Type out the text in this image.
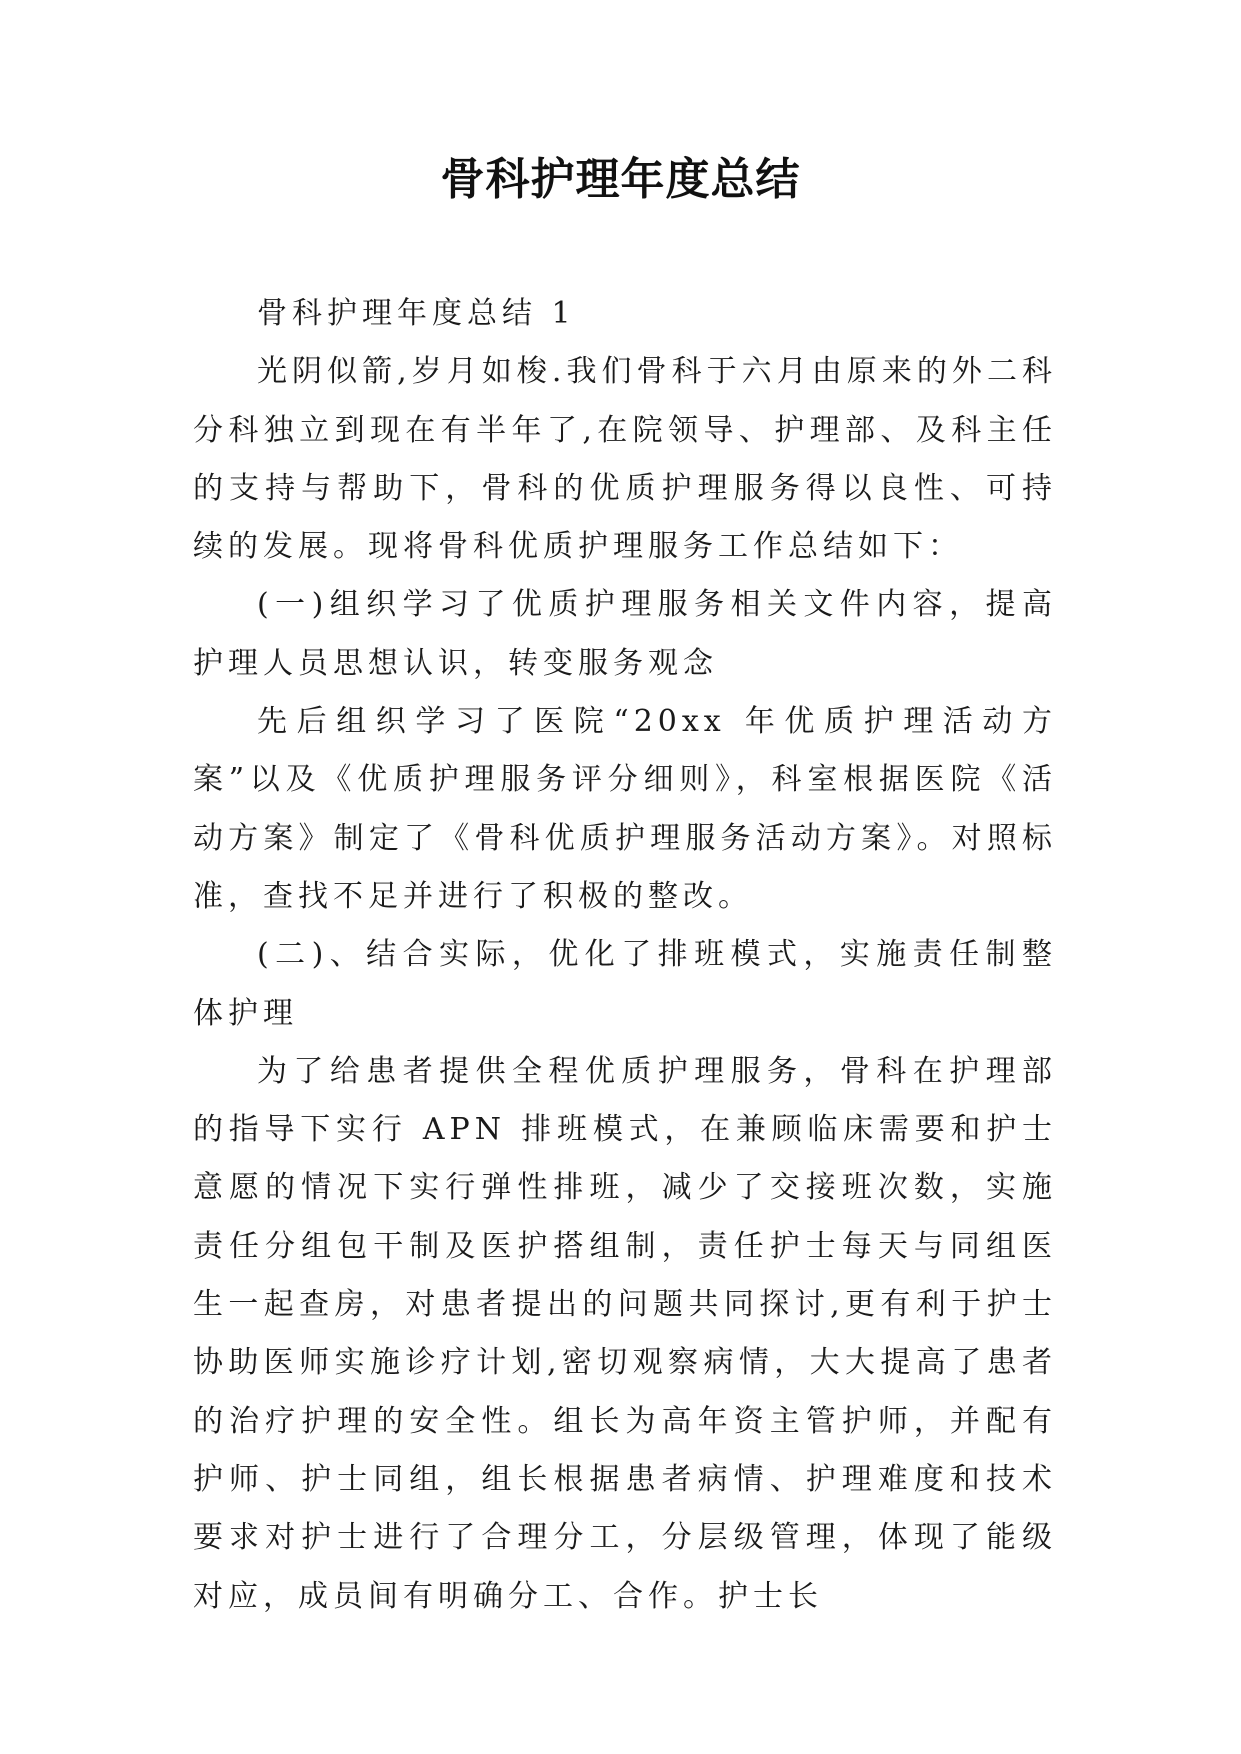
骨科护理年度总结

骨科护理年度总结 1

光阴似箭,岁月如梭.我们骨科于六月由原来的外二科分科独立到现在有半年了,在院领导、护理部、及科主任的支持与帮助下，骨科的优质护理服务得以良性、可持续的发展。现将骨科优质护理服务工作总结如下：

(一)组织学习了优质护理服务相关文件内容，提高护理人员思想认识，转变服务观念

先后组织学习了医院“20xx 年优质护理活动方案”以及《优质护理服务评分细则》，科室根据医院《活动方案》制定了《骨科优质护理服务活动方案》。对照标准，查找不足并进行了积极的整改。

(二)、结合实际，优化了排班模式，实施责任制整体护理

为了给患者提供全程优质护理服务，骨科在护理部的指导下实行 APN 排班模式，在兼顾临床需要和护士意愿的情况下实行弹性排班，减少了交接班次数，实施责任分组包干制及医护搭组制，责任护士每天与同组医生一起查房，对患者提出的问题共同探讨,更有利于护士协助医师实施诊疗计划,密切观察病情，大大提高了患者的治疗护理的安全性。组长为高年资主管护师，并配有护师、护士同组，组长根据患者病情、护理难度和技术要求对护士进行了合理分工，分层级管理，体现了能级对应，成员间有明确分工、合作。护士长
